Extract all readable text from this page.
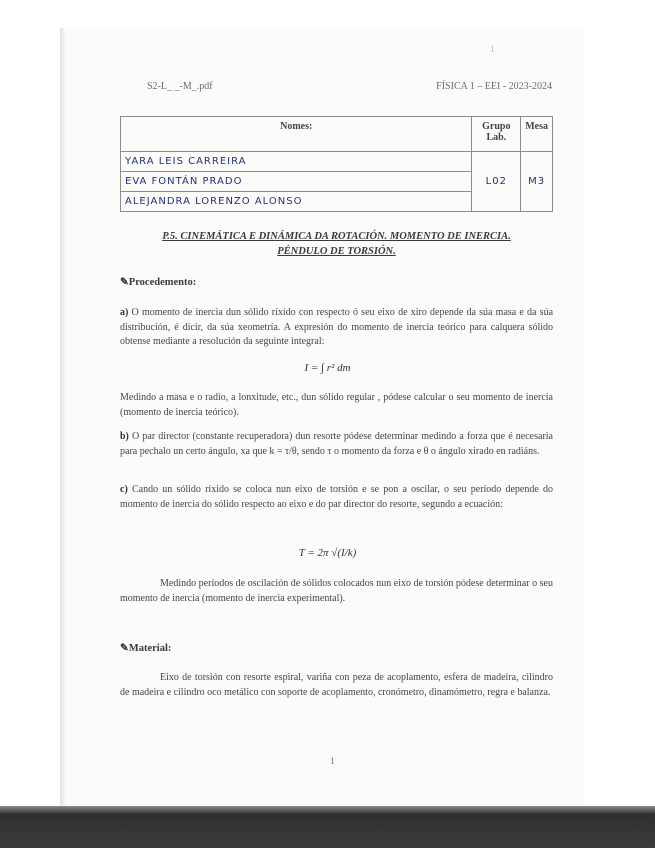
1
S2-L_ _-M_.pdf	FÍSICA 1 – EEI - 2023-2024
Nomes:	Grupo Lab.	Mesa
YARA LEIS CARREIRA	L02	M3
EVA FONTÁN PRADO		
ALEJANDRA LORENZO ALONSO		
P.5. CINEMÁTICA E DINÁMICA DA ROTACIÓN. MOMENTO DE INERCIA.
PÉNDULO DE TORSIÓN.
✎Procedemento:
a) O momento de inercia dun sólido ríxido con respecto ó seu eixo de xiro depende da súa masa e da súa distribución, é dicir, da súa xeometría. A expresión do momento de inercia teórico para calquera sólido obtense mediante a resolución da seguinte integral:
I = ∫ r² dm
Medindo a masa e o radio, a lonxitude, etc., dun sólido regular , pódese calcular o seu momento de inercia (momento de inercia teórico).
b) O par director (constante recuperadora) dun resorte pódese determinar medindo a forza que é necesaria para pechalo un certo ángulo, xa que k = τ/θ, sendo τ o momento da forza e θ o ángulo xirado en radiáns.
c) Cando un sólido ríxido se coloca nun eixo de torsión e se pon a oscilar, o seu período depende do momento de inercia do sólido respecto ao eixo e do par director do resorte, segundo a ecuación:
T = 2π √(I/k)
Medindo períodos de oscilación de sólidos colocados nun eixo de torsión pódese determinar o seu momento de inercia (momento de inercia experimental).
✎Material:
Eixo de torsión con resorte espiral, variña con peza de acoplamento, esfera de madeira, cilindro de madeira e cilindro oco metálico con soporte de acoplamento, cronómetro, dinamómetro, regra e balanza.
1
